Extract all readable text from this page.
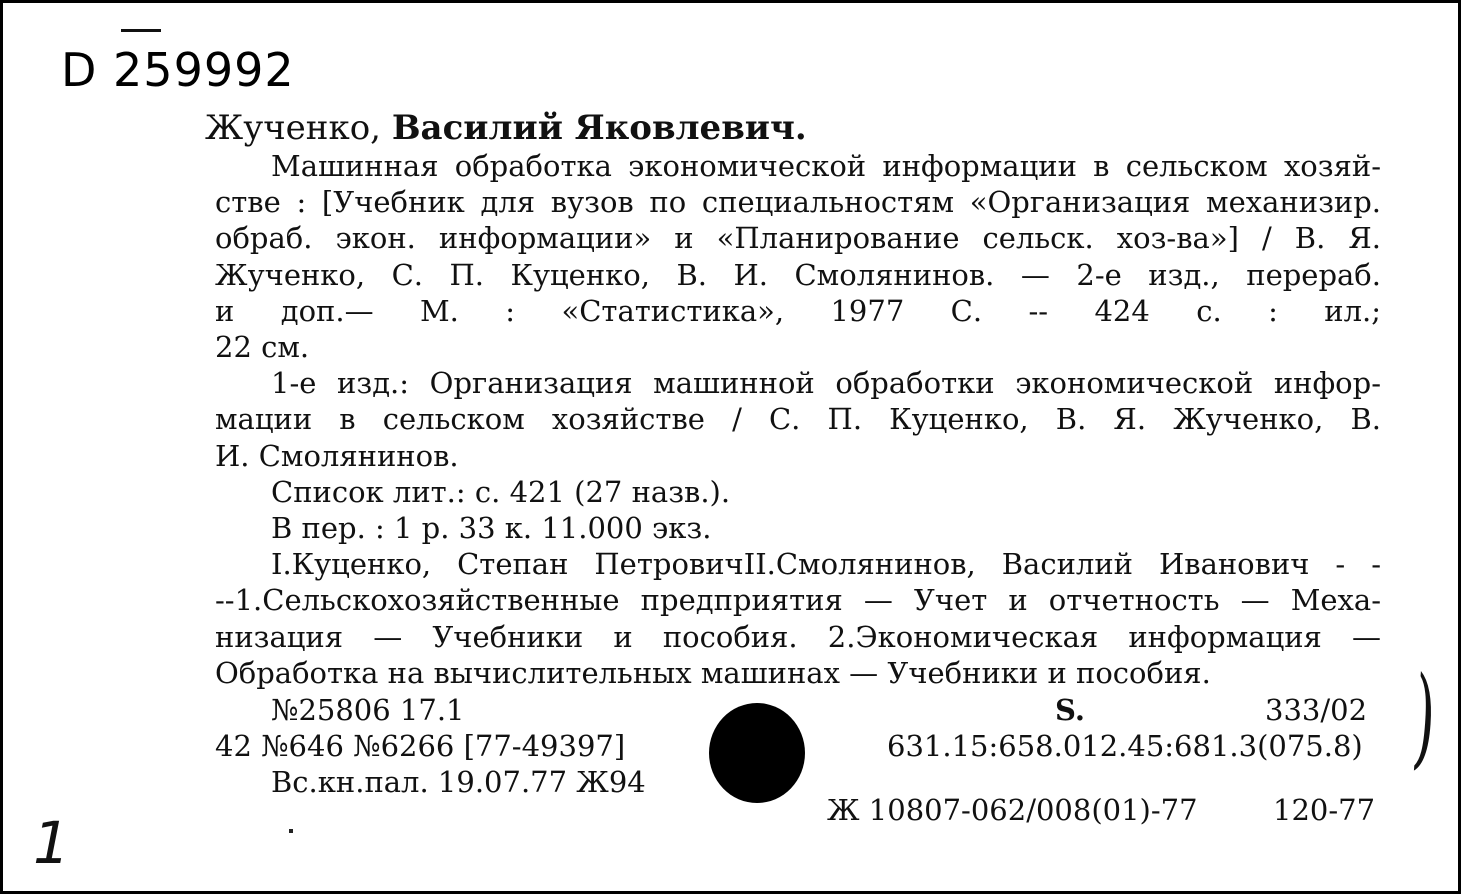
D 259992
Жученко, Василий Яковлевич.
Машинная обработка экономической информации в сельском хозяй-
стве : [Учебник для вузов по специальностям «Организация механизир.
обраб. экон. информации» и «Планирование сельск. хоз-ва»] / В. Я.
Жученко, С. П. Куценко, В. И. Смолянинов. — 2-е изд., перераб.
и доп.— М. : «Статистика», 1977 С. -- 424 с. : ил.;
22 см.
1-е изд.: Организация машинной обработки экономической инфор-
мации в сельском хозяйстве / С. П. Куценко, В. Я. Жученко, В.
И. Смолянинов.
Список лит.: с. 421 (27 назв.).
В пер. : 1 р. 33 к. 11.000 экз.
I.Куценко, Степан ПетровичII.Смолянинов, Василий Иванович - -
--1.Сельскохозяйственные предприятия — Учет и отчетность — Меха-
низация — Учебники и пособия. 2.Экономическая информация —
Обработка на вычислительных машинах — Учебники и пособия.
№25806 17.1
42 №646 №6266 [77-49397]
Вс.кн.пал. 19.07.77 Ж94
S.	333/02
631.15:658.012.45:681.3(075.8)
Ж 10807-062/008(01)-77	120-77
)
1
